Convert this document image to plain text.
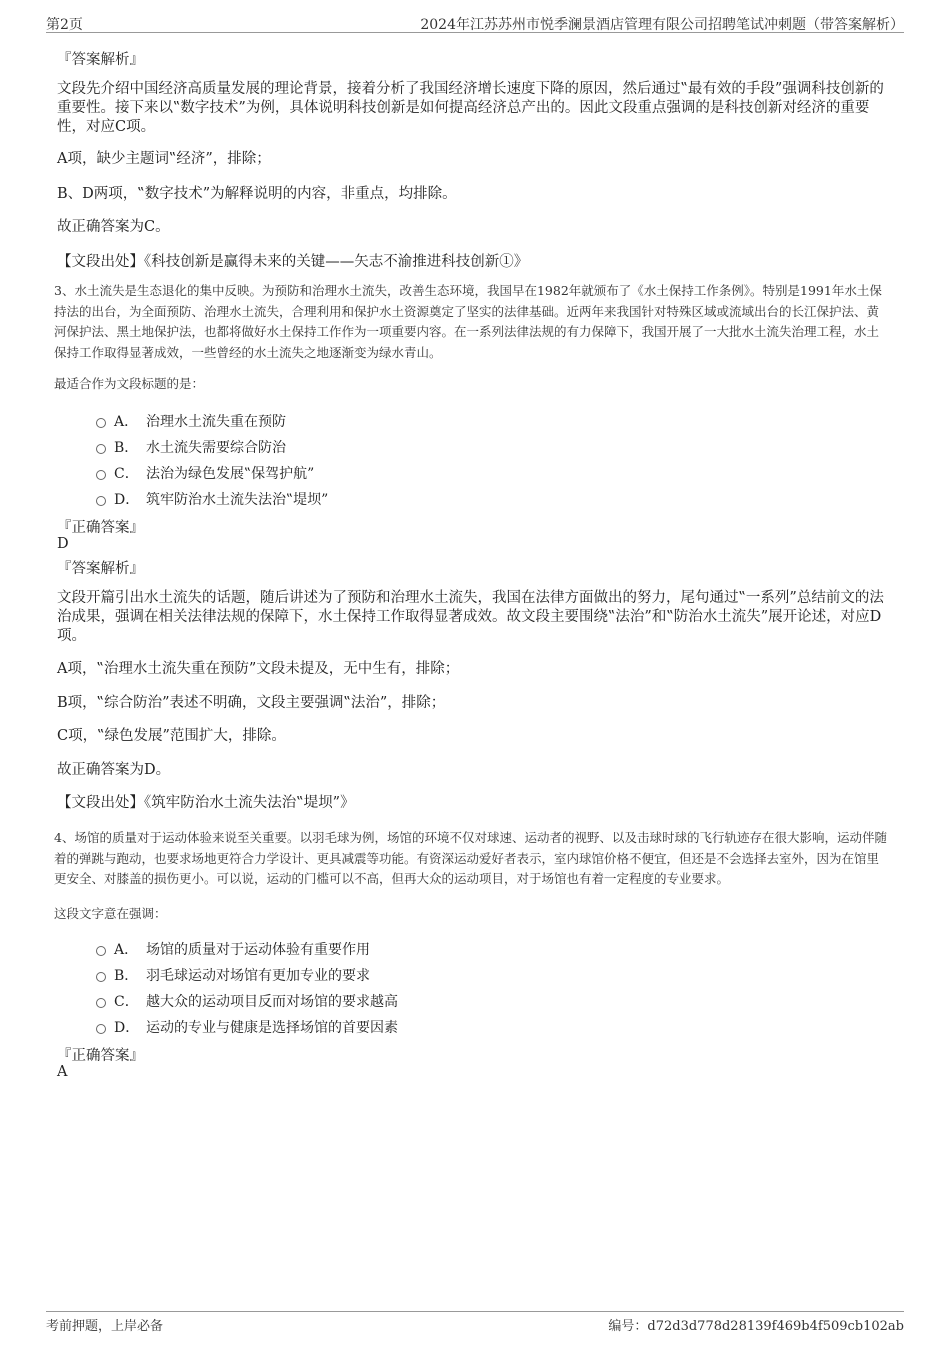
第2页	2024年江苏苏州市悦季澜景酒店管理有限公司招聘笔试冲刺题（带答案解析）
『答案解析』
文段先介绍中国经济高质量发展的理论背景，接着分析了我国经济增长速度下降的原因，然后通过‟最有效的手段”强调科技创新的重要性。接下来以‟数字技术”为例，具体说明科技创新是如何提高经济总产出的。因此文段重点强调的是科技创新对经济的重要性，对应C项。
A项，缺少主题词‟经济”，排除；
B、D两项，‟数字技术”为解释说明的内容，非重点，均排除。
故正确答案为C。
【文段出处】《科技创新是赢得未来的关键——矢志不渝推进科技创新①》
3、水土流失是生态退化的集中反映。为预防和治理水土流失，改善生态环境，我国早在1982年就颁布了《水土保持工作条例》。特别是1991年水土保持法的出台，为全面预防、治理水土流失，合理利用和保护水土资源奠定了坚实的法律基础。近两年来我国针对特殊区域或流域出台的长江保护法、黄河保护法、黑土地保护法，也都将做好水土保持工作作为一项重要内容。在一系列法律法规的有力保障下，我国开展了一大批水土流失治理工程，水土保持工作取得显著成效，一些曾经的水土流失之地逐渐变为绿水青山。
最适合作为文段标题的是：
A． 治理水土流失重在预防
B． 水土流失需要综合防治
C． 法治为绿色发展‟保驾护航”
D． 筑牢防治水土流失法治‟堤坝”
『正确答案』
D
『答案解析』
文段开篇引出水土流失的话题，随后讲述为了预防和治理水土流失，我国在法律方面做出的努力，尾句通过‟一系列”总结前文的法治成果，强调在相关法律法规的保障下，水土保持工作取得显著成效。故文段主要围绕‟法治”和‟防治水土流失”展开论述，对应D项。
A项，‟治理水土流失重在预防”文段未提及，无中生有，排除；
B项，‟综合防治”表述不明确，文段主要强调‟法治”，排除；
C项，‟绿色发展”范围扩大，排除。
故正确答案为D。
【文段出处】《筑牢防治水土流失法治‟堤坝”》
4、场馆的质量对于运动体验来说至关重要。以羽毛球为例，场馆的环境不仅对球速、运动者的视野、以及击球时球的飞行轨迹存在很大影响，运动伴随着的弹跳与跑动，也要求场地更符合力学设计、更具减震等功能。有资深运动爱好者表示，室内球馆价格不便宜，但还是不会选择去室外，因为在馆里更安全、对膝盖的损伤更小。可以说，运动的门槛可以不高，但再大众的运动项目，对于场馆也有着一定程度的专业要求。
这段文字意在强调：
A． 场馆的质量对于运动体验有重要作用
B． 羽毛球运动对场馆有更加专业的要求
C． 越大众的运动项目反而对场馆的要求越高
D． 运动的专业与健康是选择场馆的首要因素
『正确答案』
A
考前押题，上岸必备	编号：d72d3d778d28139f469b4f509cb102ab
